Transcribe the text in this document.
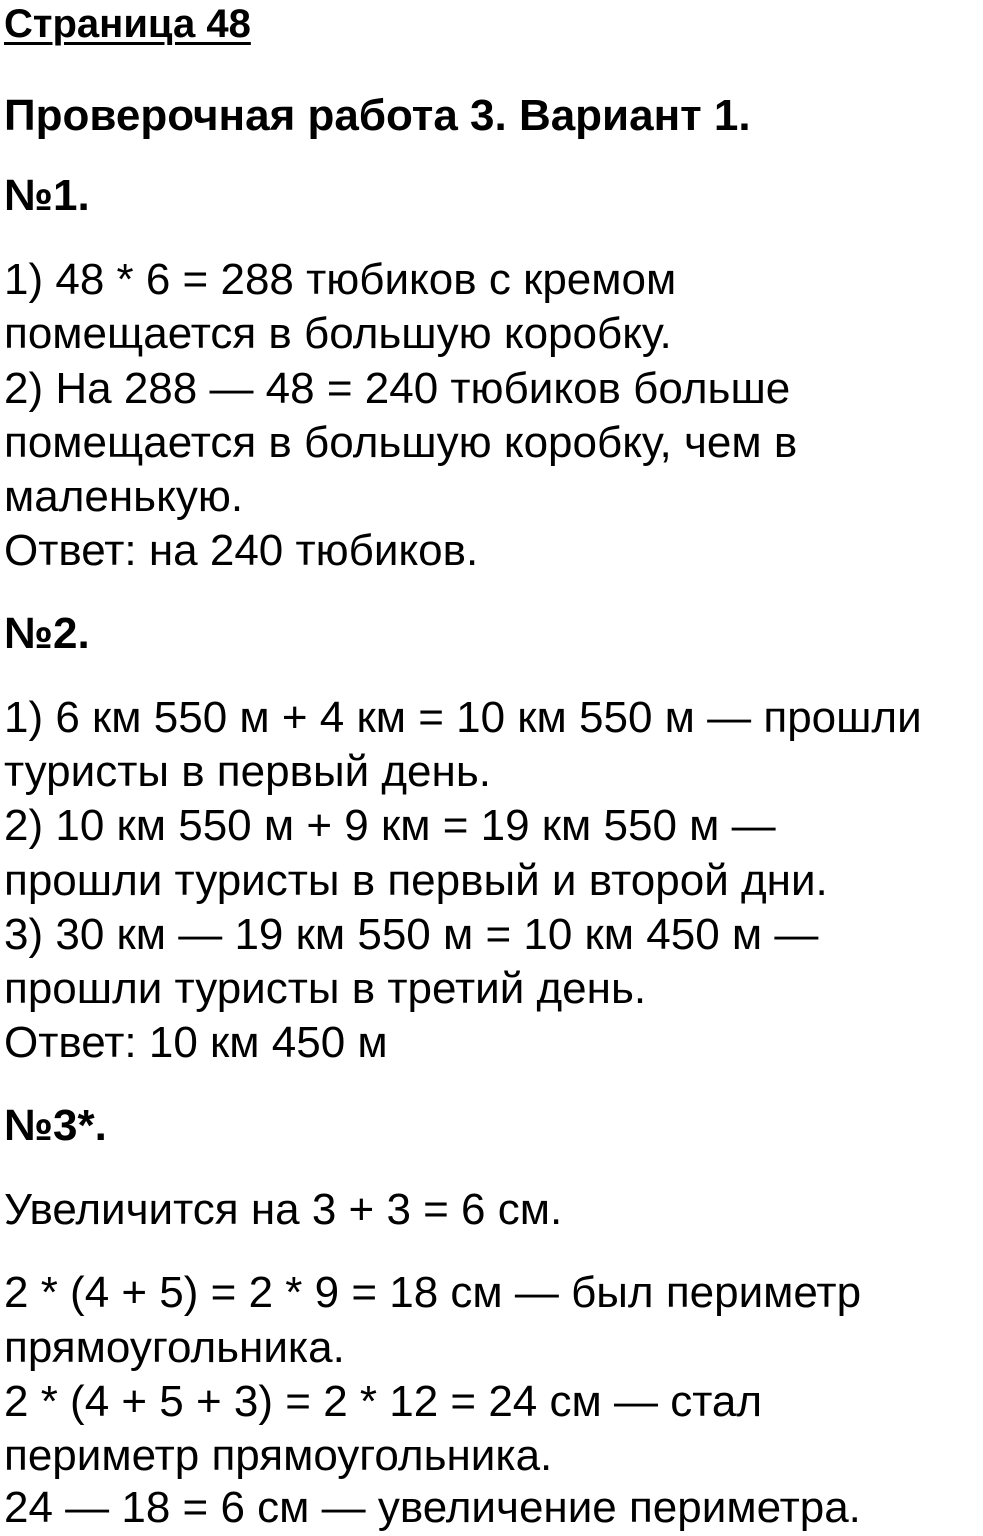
Страница 48
Проверочная работа 3. Вариант 1.
№1.

1) 48 * 6 = 288 тюбиков с кремом

помещается в большую коробку.

2) На 288 — 48 = 240 тюбиков больше

помещается в большую коробку, чем в

маленькую.

Ответ: на 240 тюбиков.

№2.

1) 6 км 550 м + 4 км = 10 км 550 м — прошли

туристы в первый день.

2) 10 км 550 м + 9 км = 19 км 550 м —

прошли туристы в первый и второй дни.

3) 30 км — 19 км 550 м = 10 км 450 м —

прошли туристы в третий день.

Ответ: 10 км 450 м

№3*.

Увеличится на 3 + 3 = 6 см.

2 * (4 + 5) = 2 * 9 = 18 см — был периметр

прямоугольника.

2 * (4 + 5 + 3) = 2 * 12 = 24 см — стал

периметр прямоугольника.

24 — 18 = 6 см — увеличение периметра.
